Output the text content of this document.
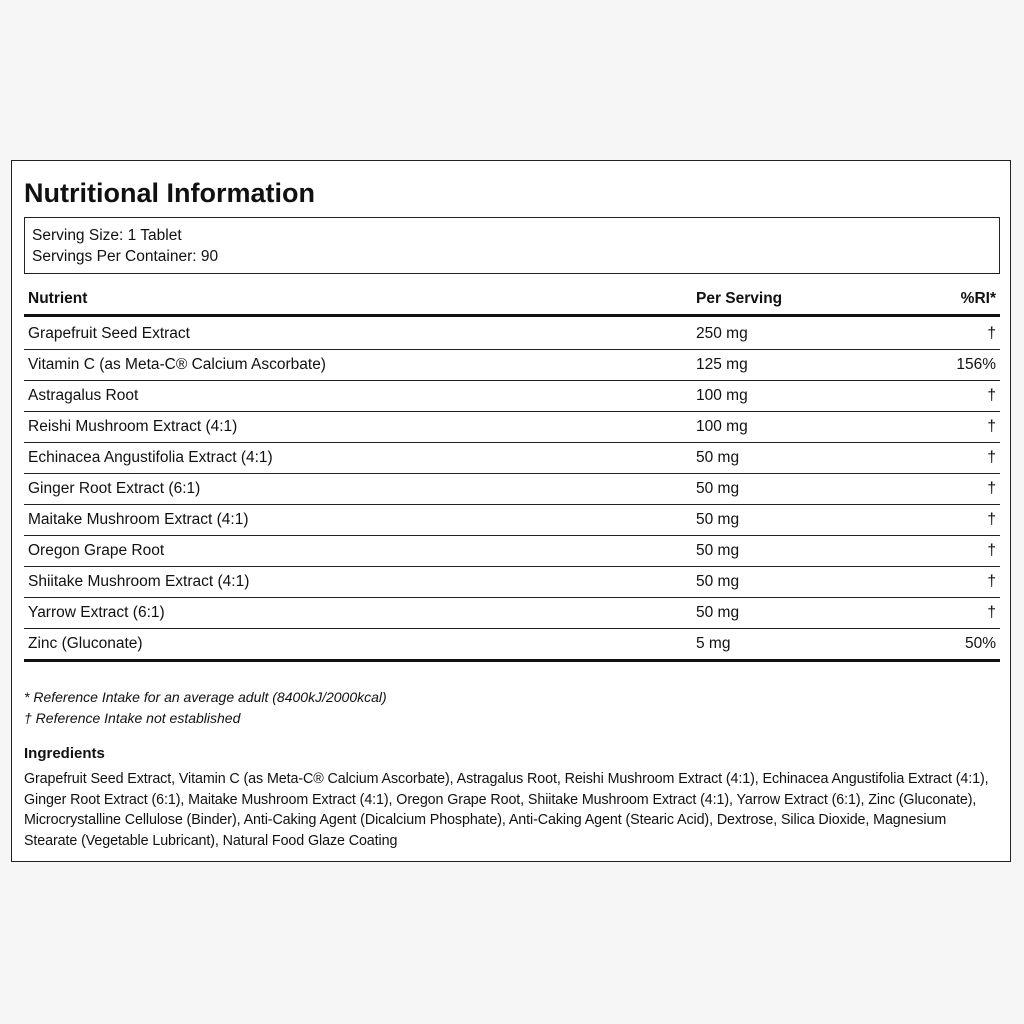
Nutritional Information
Serving Size: 1 Tablet
Servings Per Container: 90
Nutrient	Per Serving	%RI*
Grapefruit Seed Extract	250 mg	†
Vitamin C (as Meta-C® Calcium Ascorbate)	125 mg	156%
Astragalus Root	100 mg	†
Reishi Mushroom Extract (4:1)	100 mg	†
Echinacea Angustifolia Extract (4:1)	50 mg	†
Ginger Root Extract (6:1)	50 mg	†
Maitake Mushroom Extract (4:1)	50 mg	†
Oregon Grape Root	50 mg	†
Shiitake Mushroom Extract (4:1)	50 mg	†
Yarrow Extract (6:1)	50 mg	†
Zinc (Gluconate)	5 mg	50%
* Reference Intake for an average adult (8400kJ/2000kcal)
† Reference Intake not established
Ingredients

Grapefruit Seed Extract, Vitamin C (as Meta-C® Calcium Ascorbate), Astragalus Root, Reishi Mushroom Extract (4:1), Echinacea Angustifolia Extract (4:1), Ginger Root Extract (6:1), Maitake Mushroom Extract (4:1), Oregon Grape Root, Shiitake Mushroom Extract (4:1), Yarrow Extract (6:1), Zinc (Gluconate), Microcrystalline Cellulose (Binder), Anti-Caking Agent (Dicalcium Phosphate), Anti-Caking Agent (Stearic Acid), Dextrose, Silica Dioxide, Magnesium Stearate (Vegetable Lubricant), Natural Food Glaze Coating
